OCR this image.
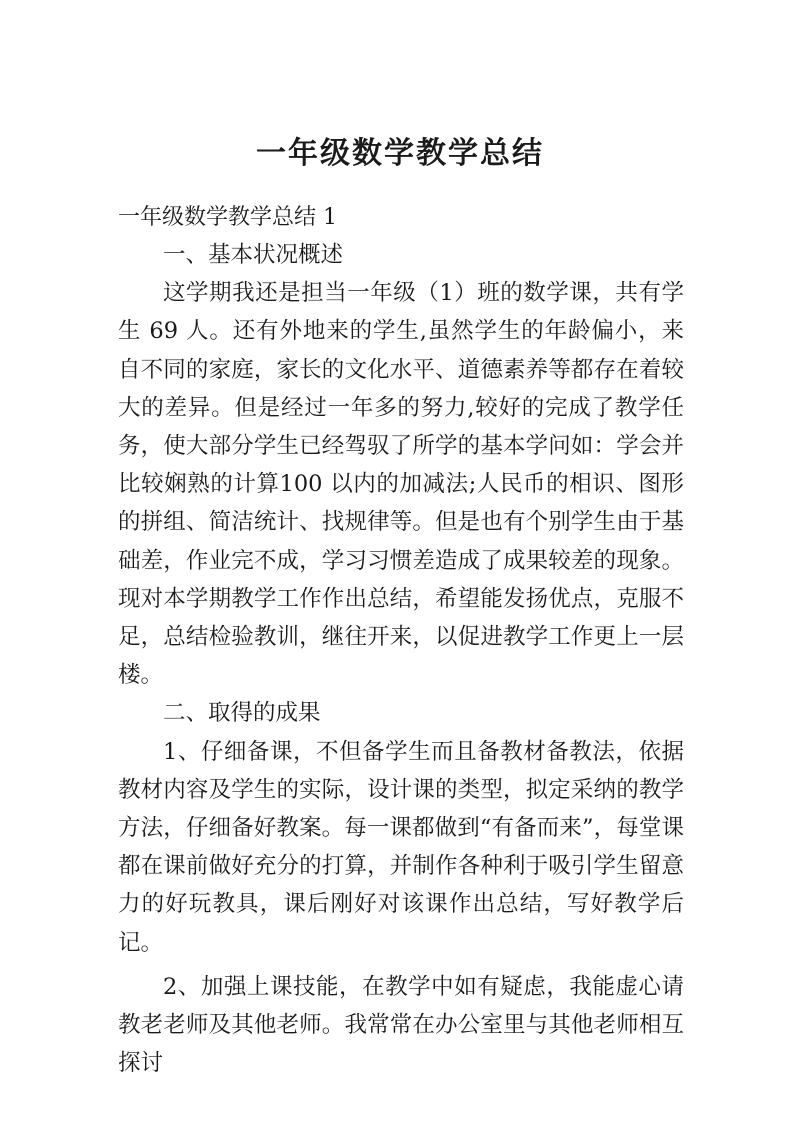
一年级数学教学总结

一年级数学教学总结 1

一、基本状况概述

这学期我还是担当一年级（1）班的数学课，共有学生 69 人。还有外地来的学生,虽然学生的年龄偏小，来自不同的家庭，家长的文化水平、道德素养等都存在着较大的差异。但是经过一年多的努力,较好的完成了教学任务，使大部分学生已经驾驭了所学的基本学问如：学会并比较娴熟的计算100 以内的加减法;人民币的相识、图形的拼组、简洁统计、找规律等。但是也有个别学生由于基础差，作业完不成，学习习惯差造成了成果较差的现象。现对本学期教学工作作出总结，希望能发扬优点，克服不足，总结检验教训，继往开来，以促进教学工作更上一层楼。

二、取得的成果

1、仔细备课，不但备学生而且备教材备教法，依据教材内容及学生的实际，设计课的类型，拟定采纳的教学方法，仔细备好教案。每一课都做到“有备而来”，每堂课都在课前做好充分的打算，并制作各种利于吸引学生留意力的好玩教具，课后刚好对该课作出总结，写好教学后记。

2、加强上课技能，在教学中如有疑虑，我能虚心请教老老师及其他老师。我常常在办公室里与其他老师相互探讨
